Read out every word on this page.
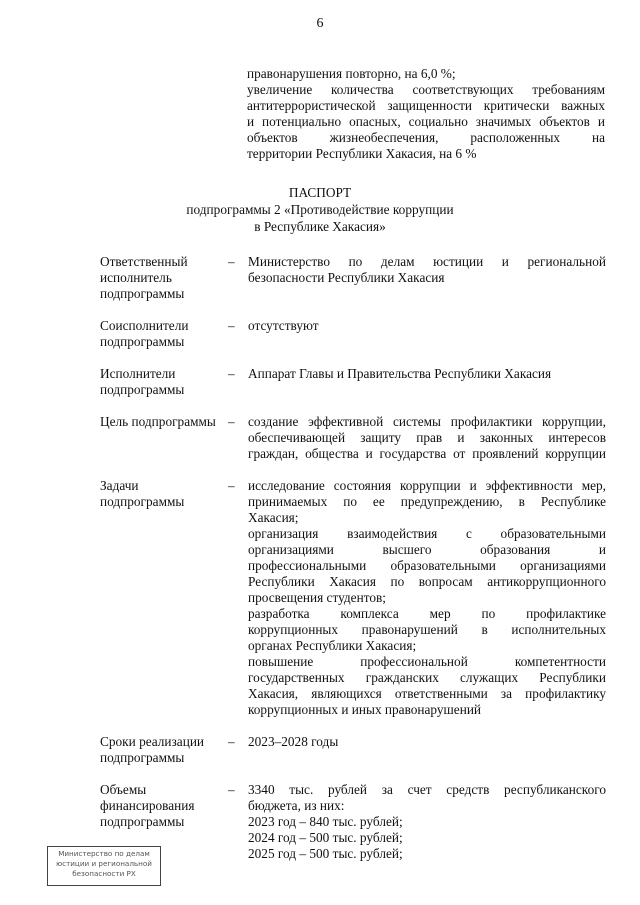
6
правонарушения повторно, на 6,0 %;
увеличение количества соответствующих требованиям
антитеррористической защищенности критически важных
и потенциально опасных, социально значимых объектов и
объектов жизнеобеспечения, расположенных на
территории Республики Хакасия, на 6 %
ПАСПОРТ
подпрограммы 2 «Противодействие коррупции
в Республике Хакасия»
Ответственный
исполнитель
подпрограммы
–	Министерство по делам юстиции и региональной
безопасности Республики Хакасия
Соисполнители
подпрограммы
–	отсутствуют
Исполнители
подпрограммы
–	Аппарат Главы и Правительства Республики Хакасия
Цель подпрограммы –	создание эффективной системы профилактики коррупции,
обеспечивающей защиту прав и законных интересов
граждан, общества и государства от проявлений коррупции
Задачи
подпрограммы
–	исследование состояния коррупции и эффективности мер,
принимаемых по ее предупреждению, в Республике
Хакасия;
организация взаимодействия с образовательными
организациями высшего образования и
профессиональными образовательными организациями
Республики Хакасия по вопросам антикоррупционного
просвещения студентов;
разработка комплекса мер по профилактике
коррупционных правонарушений в исполнительных
органах Республики Хакасия;
повышение профессиональной компетентности
государственных гражданских служащих Республики
Хакасия, являющихся ответственными за профилактику
коррупционных и иных правонарушений
Сроки реализации
подпрограммы
–	2023–2028 годы
Объемы
финансирования
подпрограммы
–	3340 тыс. рублей за счет средств республиканского
бюджета, из них:
2023 год – 840 тыс. рублей;
2024 год – 500 тыс. рублей;
2025 год – 500 тыс. рублей;
Министерство по делам
юстиции и региональной
безопасности РХ
